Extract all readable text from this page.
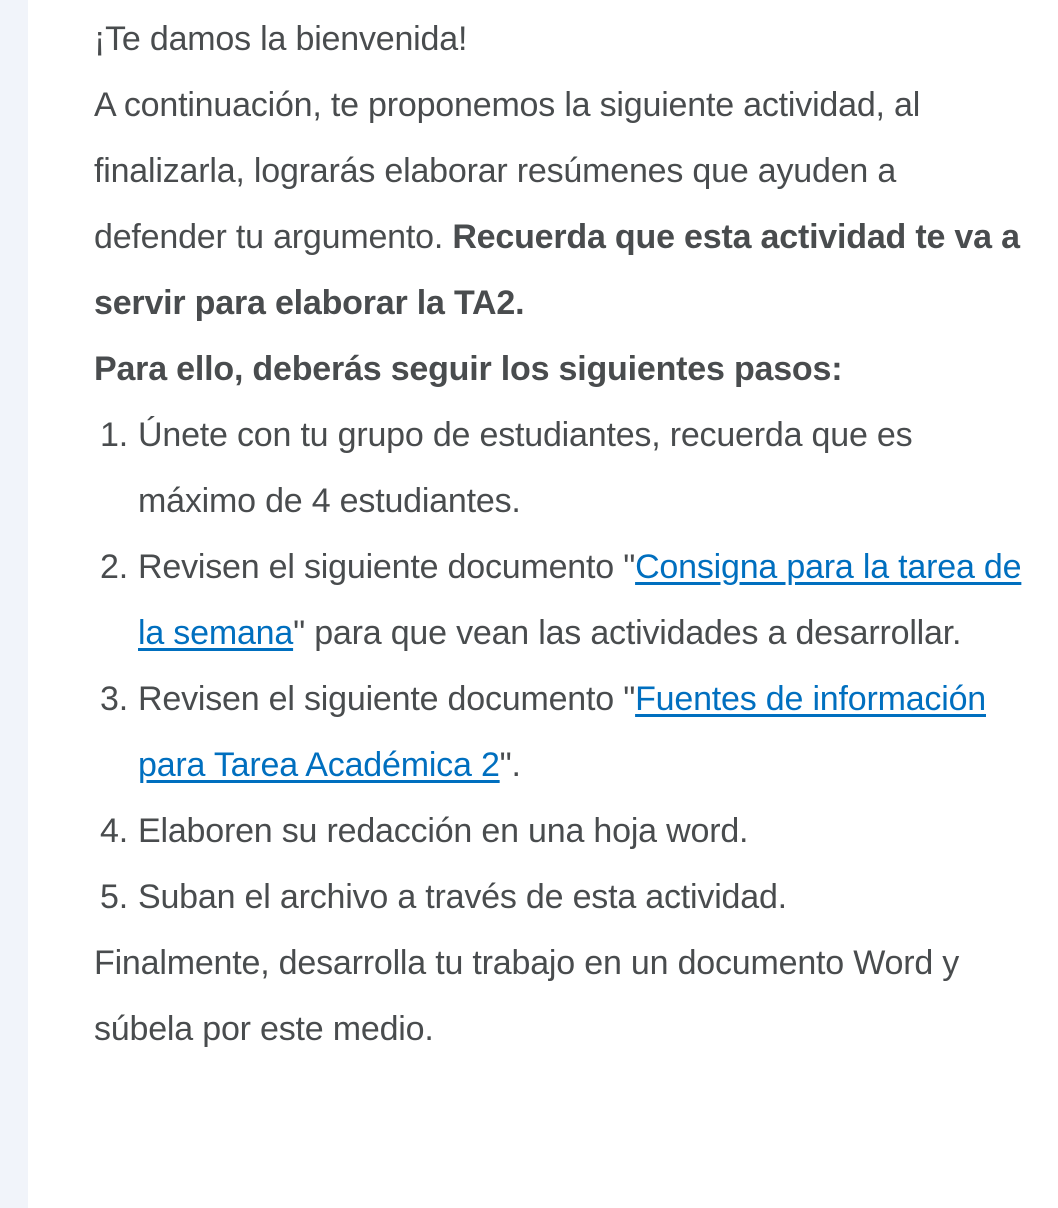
¡Te damos la bienvenida!

A continuación, te proponemos la siguiente actividad, al finalizarla, lograrás elaborar resúmenes que ayuden a defender tu argumento. Recuerda que esta actividad te va a servir para elaborar la TA2.

Para ello, deberás seguir los siguientes pasos:

Únete con tu grupo de estudiantes, recuerda que es máximo de 4 estudiantes.
Revisen el siguiente documento "Consigna para la tarea de la semana" para que vean las actividades a desarrollar.
Revisen el siguiente documento "Fuentes de información para Tarea Académica 2".
Elaboren su redacción en una hoja word.
Suban el archivo a través de esta actividad.

Finalmente, desarrolla tu trabajo en un documento Word y súbela por este medio.
